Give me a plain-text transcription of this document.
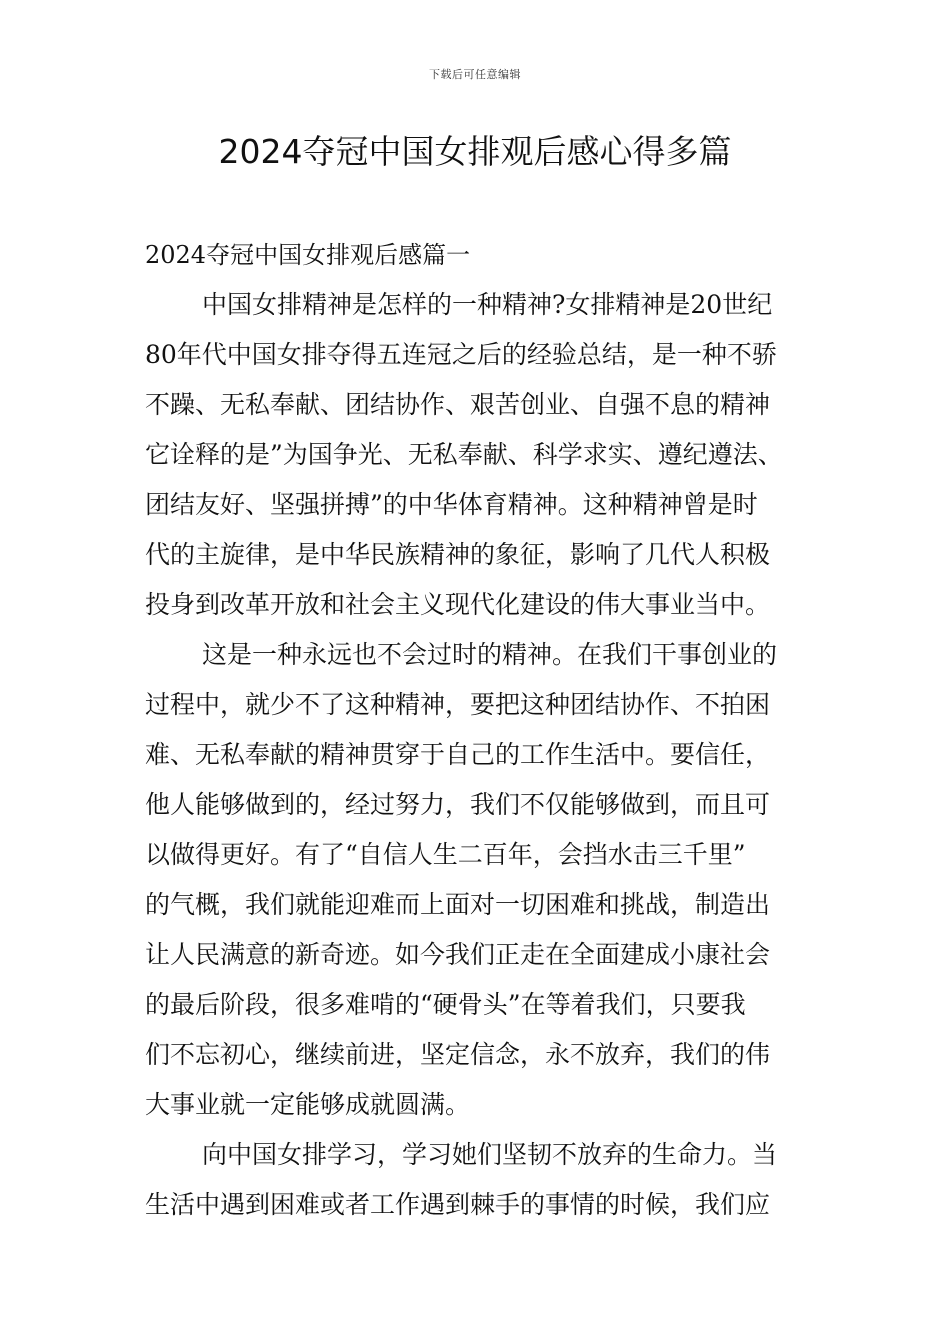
下载后可任意编辑
2024夺冠中国女排观后感心得多篇
2024夺冠中国女排观后感篇一
中国女排精神是怎样的一种精神?女排精神是20世纪
80年代中国女排夺得五连冠之后的经验总结，是一种不骄
不躁、无私奉献、团结协作、艰苦创业、自强不息的精神
它诠释的是”为国争光、无私奉献、科学求实、遵纪遵法、
团结友好、坚强拼搏”的中华体育精神。这种精神曾是时
代的主旋律，是中华民族精神的象征，影响了几代人积极
投身到改革开放和社会主义现代化建设的伟大事业当中。
这是一种永远也不会过时的精神。在我们干事创业的
过程中，就少不了这种精神，要把这种团结协作、不拍困
难、无私奉献的精神贯穿于自己的工作生活中。要信任，
他人能够做到的，经过努力，我们不仅能够做到，而且可
以做得更好。有了“自信人生二百年，会挡水击三千里”
的气概，我们就能迎难而上面对一切困难和挑战，制造出
让人民满意的新奇迹。如今我们正走在全面建成小康社会
的最后阶段，很多难啃的“硬骨头”在等着我们，只要我
们不忘初心，继续前进，坚定信念，永不放弃，我们的伟
大事业就一定能够成就圆满。
向中国女排学习，学习她们坚韧不放弃的生命力。当
生活中遇到困难或者工作遇到棘手的事情的时候，我们应
